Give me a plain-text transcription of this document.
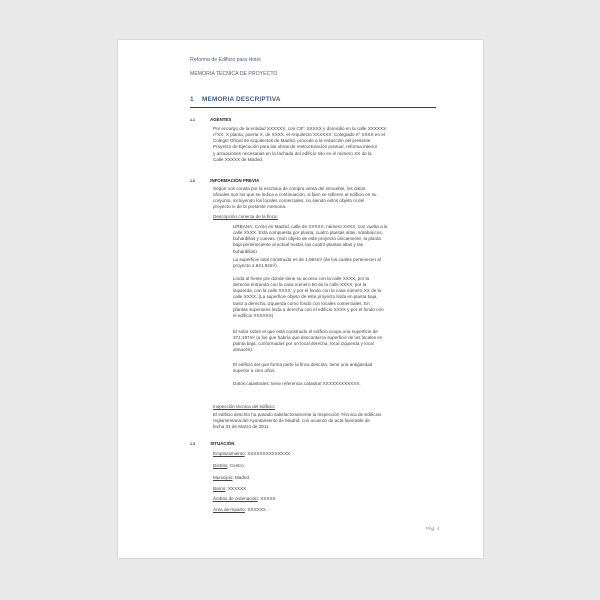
Reforma de Edificio para Hotel
MEMORIA TÉCNICA DE PROYECTO
1 MEMORIA DESCRIPTIVA
1.1	AGENTES
Por encargo de la entidad XXXXXX, con CIF: XXXXX y domicilio en la calle XXXXXX
nºXX, X planta, puerta X, de XXXX, el Arquitecto XXXXXX, Colegiado nº XXXX en el
Colegio Oficial de Arquitectos de Madrid, procede a la redacción del presente
Proyecto de Ejecución para las obras de restructuración puntual, reforma interior
y actuaciones necesarias en la fachada del edificio sito en el número XX de la
Calle XXXXX de Madrid.
1.2	INFORMACIÓN PREVIA
Según nos consta por la escritura de compra venta del inmueble, los datos
oficiales son los que se indica a continuación, si bien se refieren al edificio en su
conjunto, incluyendo los locales comerciales, no siendo estos objeto ni del
proyecto ni de la presente memoria.
Descripción conecta de la finca:
URBANA: CASA en Madrid, calle de XXXXX, número XXXX, con vuelta a la
calle XXXX. Está compuesta por planta, cuatro plantas altas, sotabancos,
buhardillas y cuevas. (Son objeto de este proyecto únicamente, la planta
baja perteneciente al actual hostal, las cuatro plantas altas y las
buhardillas).
La superficie total construida es de 1.984m² (de los cuales pertenecen al
proyecto 1.641,92m²).
Linda al frente por donde tiene su acceso con la calle XXXX, por la
derecha entrando con la casa número 50 de la calle XXXX; por la
izquierda, con la calle XXXX; y por el fondo con la casa número XX de la
calle XXXX. (La superficie objeto de este proyecto linda en planta baja,
tanto a derecha, izquierda como fondo con locales comerciales. En
plantas superiores linda a derecha con el edificio XXXX y por el fondo con
el edificio XXXXXX).
El solar sobre el que está construido el edificio ocupa una superficie de
371,197m² (a los que habría que descontar la superficie de los locales en
planta baja, conformados por un local derecha, local izquierda y local
almacén).
El edificio del que forma parte la finca descrita, tiene una antigüedad
superior a cien años.
Datos catastrales: tiene referencia catastral XXXXXXXXXXXX.
Inspección técnica del edificio:
El edificio descrito ha pasado satisfactoriamente la Inspección Técnica de Edificios
reglamentaria del Ayuntamiento de Madrid, con acuerdo de acta favorable de
fecha 31 de Marzo de 2011.
1.3	SITUACIÓN
Emplazamiento: XXXXXXXXXXXXXX
Distrito: Centro
Municipio: Madrid
Barrio: XXXXXX
Ámbito de ordenación: XXXXX
Área de reparto: XXXXXX
Pág. 4
